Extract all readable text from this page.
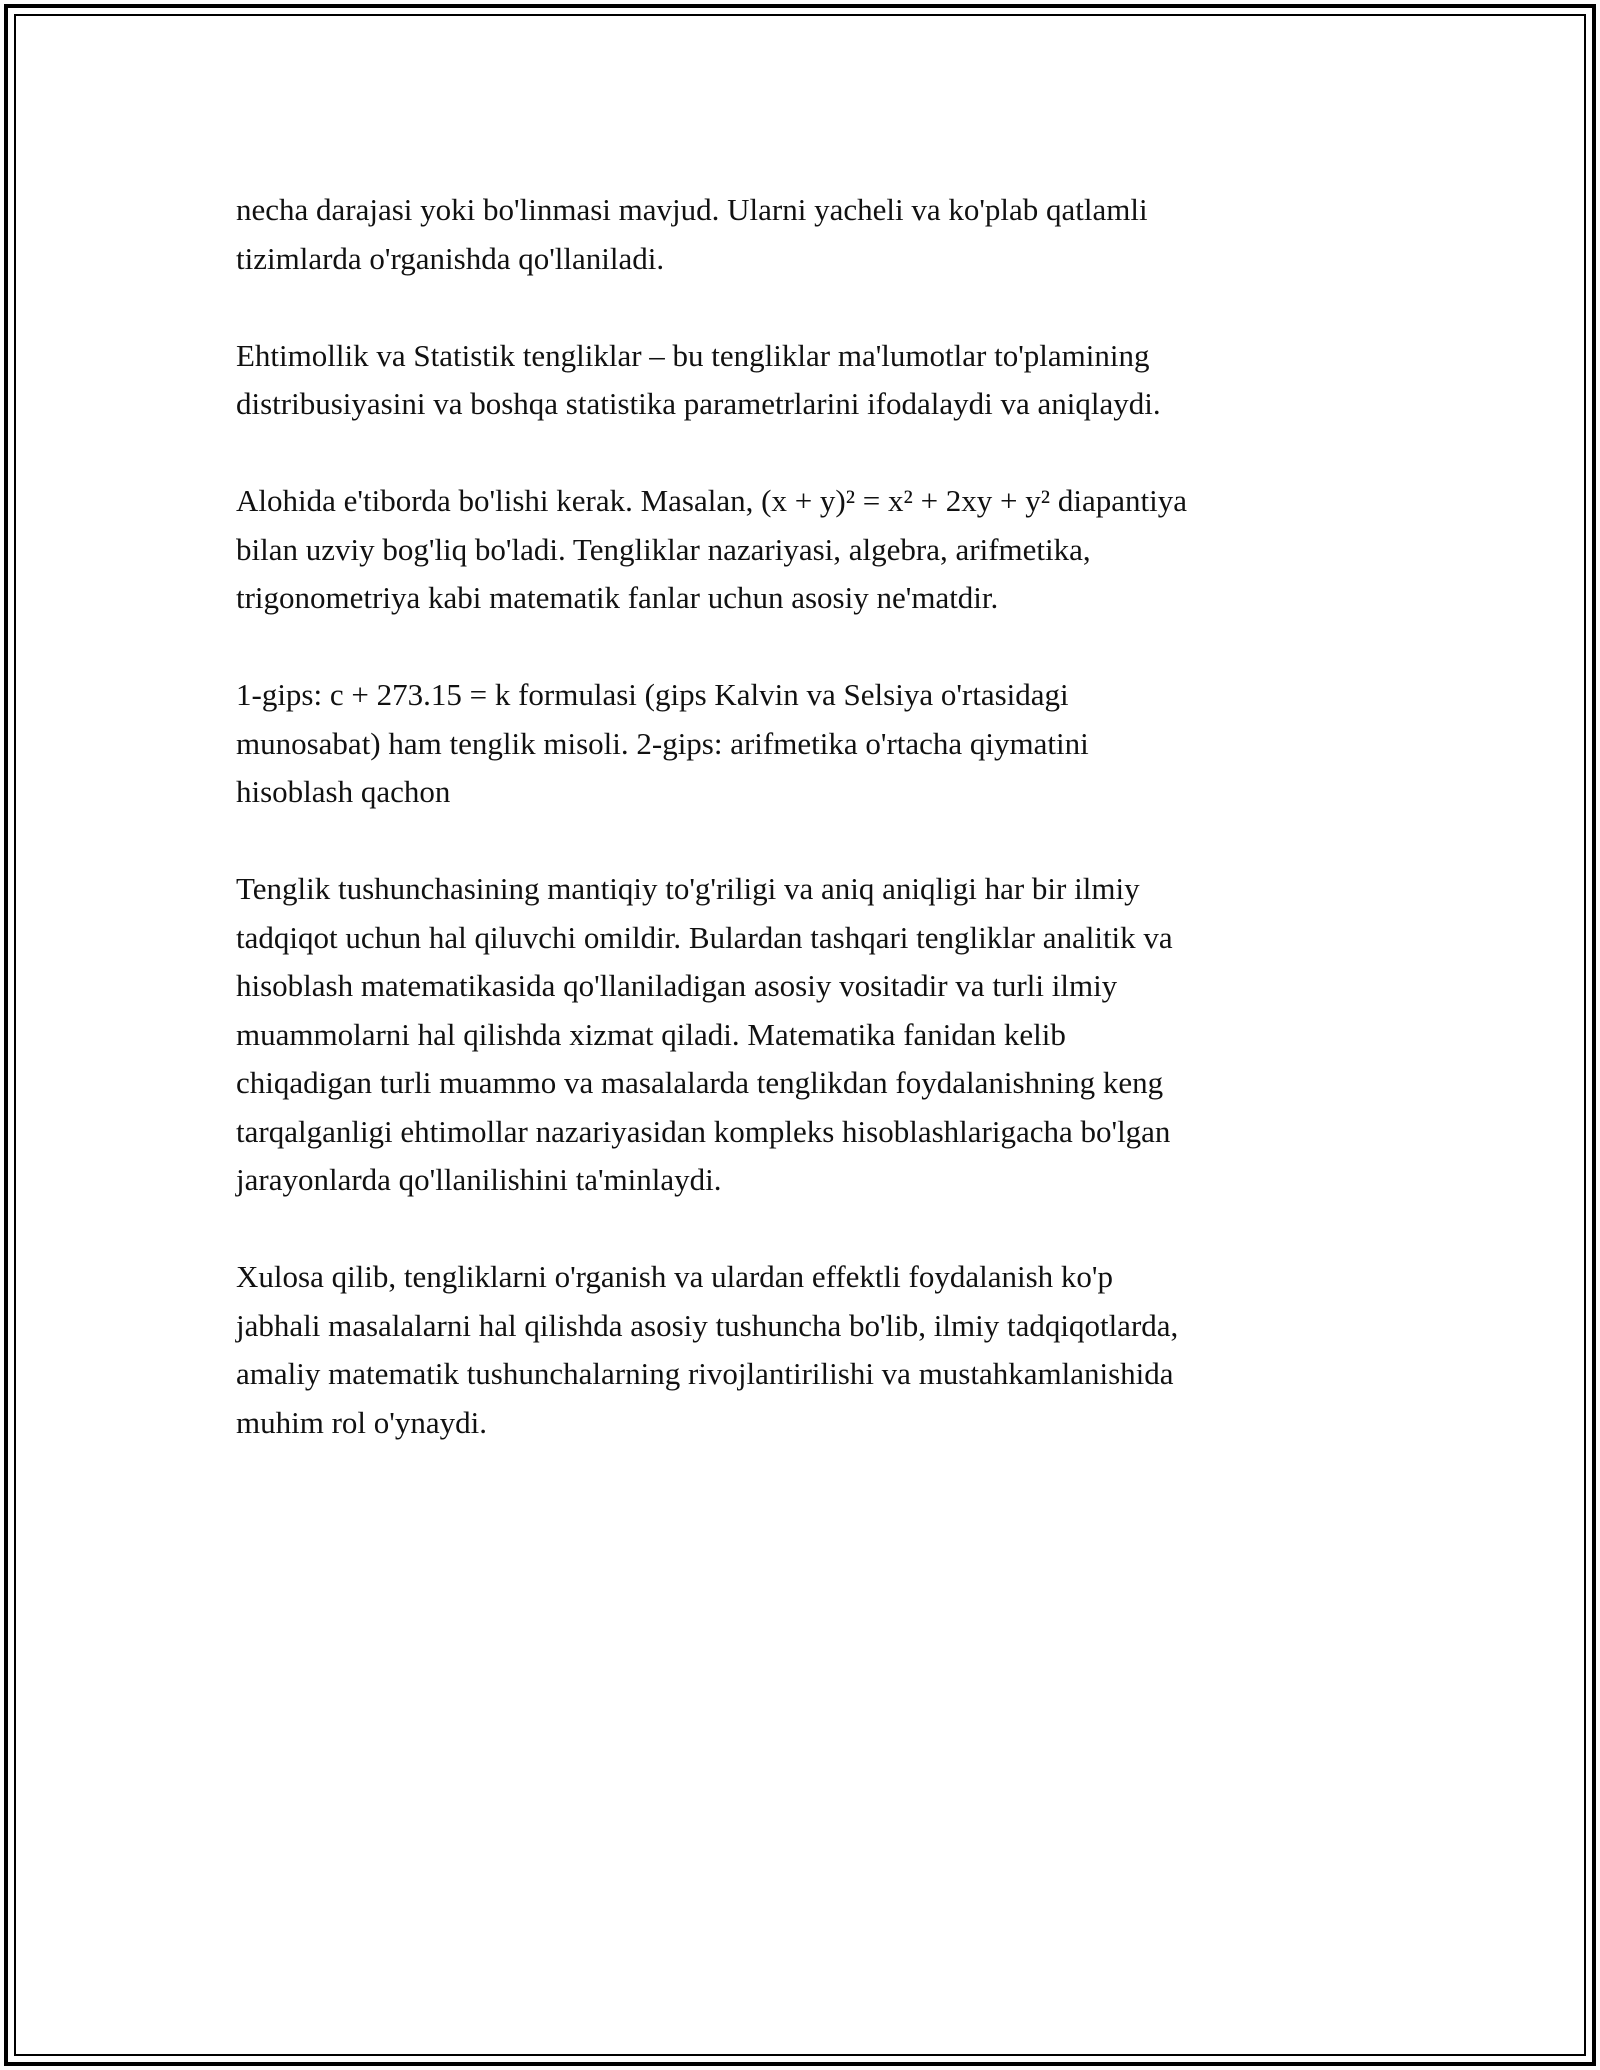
necha darajasi yoki bo'linmasi mavjud. Ularni yacheli va ko'plab qatlamli
tizimlarda o'rganishda qo'llaniladi.

Ehtimollik va Statistik tengliklar – bu tengliklar ma'lumotlar to'plamining
distribusiyasini va boshqa statistika parametrlarini ifodalaydi va aniqlaydi.

Alohida e'tiborda bo'lishi kerak. Masalan, (x + y)² = x² + 2xy + y² diapantiya
bilan uzviy bog'liq bo'ladi. Tengliklar nazariyasi, algebra, arifmetika,
trigonometriya kabi matematik fanlar uchun asosiy ne'matdir.

1-gips: c + 273.15 = k formulasi (gips Kalvin va Selsiya o'rtasidagi
munosabat) ham tenglik misoli. 2-gips: arifmetika o'rtacha qiymatini
hisoblash qachon

Tenglik tushunchasining mantiqiy to'g'riligi va aniq aniqligi har bir ilmiy
tadqiqot uchun hal qiluvchi omildir. Bulardan tashqari tengliklar analitik va
hisoblash matematikasida qo'llaniladigan asosiy vositadir va turli ilmiy
muammolarni hal qilishda xizmat qiladi. Matematika fanidan kelib
chiqadigan turli muammo va masalalarda tenglikdan foydalanishning keng
tarqalganligi ehtimollar nazariyasidan kompleks hisoblashlarigacha bo'lgan
jarayonlarda qo'llanilishini ta'minlaydi.

Xulosa qilib, tengliklarni o'rganish va ulardan effektli foydalanish ko'p
jabhali masalalarni hal qilishda asosiy tushuncha bo'lib, ilmiy tadqiqotlarda,
amaliy matematik tushunchalarning rivojlantirilishi va mustahkamlanishida
muhim rol o'ynaydi.
